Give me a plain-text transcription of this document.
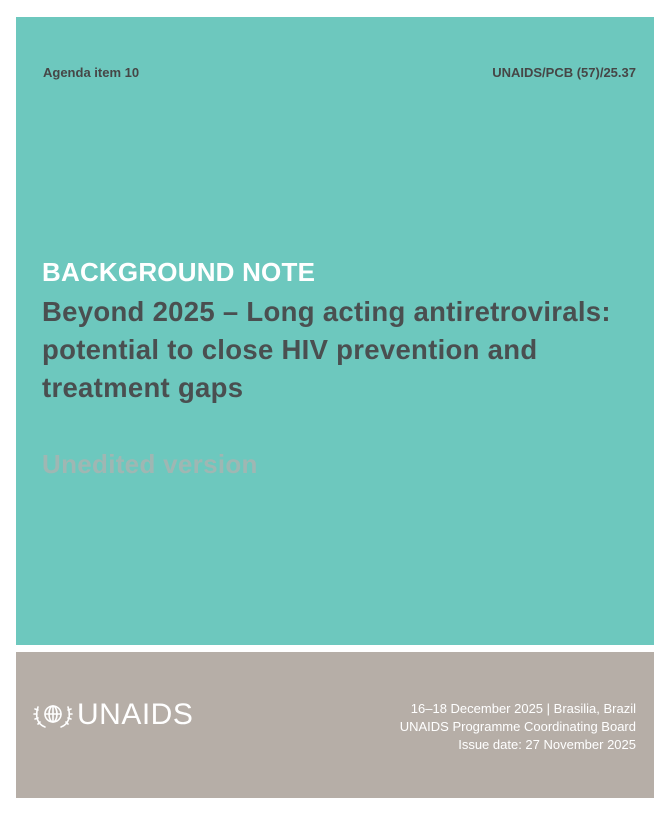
Agenda item 10	UNAIDS/PCB (57)/25.37
BACKGROUND NOTE
Beyond 2025 – Long acting antiretrovirals: potential to close HIV prevention and treatment gaps
Unedited version
UNAIDS	16–18 December 2025 | Brasilia, Brazil
UNAIDS Programme Coordinating Board
Issue date: 27 November 2025
